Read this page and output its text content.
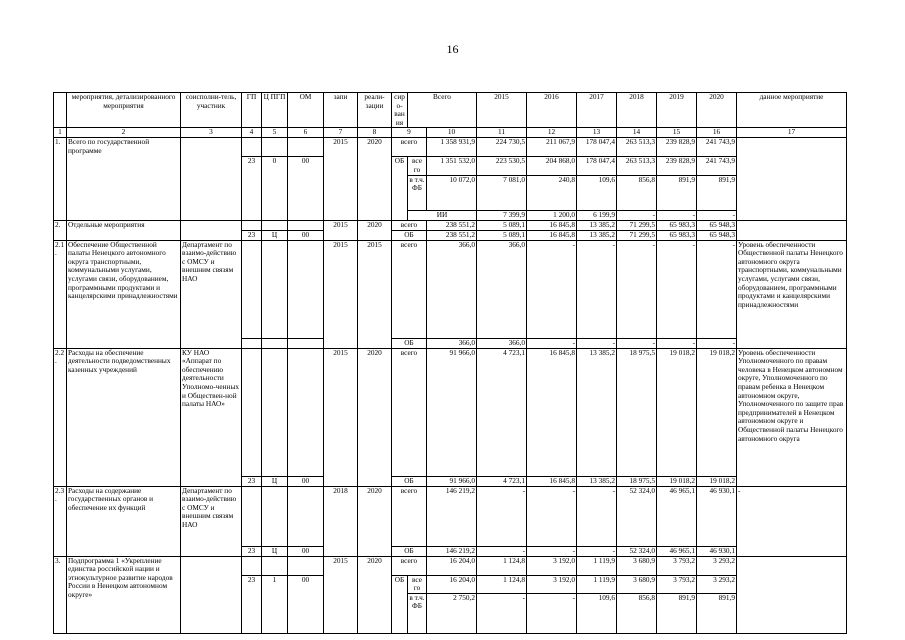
16
	мероприятия, детализированного мероприятия	соисполни-тель, участник	ГП	Ц ПГП	ОМ	запи	реали-зации	сиро-вания	Всего		2015	2016	2017	2018	2019	2020	данное мероприятие	
1	2	3	4	5	6	7	8	9		10	11	12	13	14	15	16	17	
1.	Всего по государственной программе					2015	2020	всего		1 358 931,9	224 730,5	211 067,9	178 047,4	263 513,3	239 828,9	241 743,9		
			23	0	00			ОБ	все го	1 351 532,0	223 530,5	204 868,0	178 047,4	263 513,3	239 828,9	241 743,9		
									в т.ч. ФБ	10 072,0	7 081,0	240,8	109,6	856,8	891,9	891,9		
									ИИ		7 399,9	1 200,0	6 199,9	-	-	-	
2.	Отдельные мероприятия					2015	2020	всего		238 551,2	5 089,1	16 845,8	13 385,2	71 299,5	65 983,3	65 948,3		
			23	Ц	00			ОБ		238 551,2	5 089,1	16 845,8	13 385,2	71 299,5	65 983,3	65 948,3		
2.1.	Обеспечение Общественной палаты Ненецкого автономного округа транспортными, коммунальными услугами, услугами связи, оборудованием, программными продуктами и канцелярскими принадлежностями	Департамент по взаимо-действию с ОМСУ и внешним связям НАО				2015	2015	всего		366,0	366,0	-	-	-	-	-	Уровень обеспеченности Общественной палаты Ненецкого автономного округа транспортными, коммунальными услугами, услугами связи, оборудованием, программными продуктами и канцелярскими принадлежностями	
								ОБ		366,0	366,0	-	-	-	-	-		
2.2.	Расходы на обеспечение деятельности подведомственных казенных учреждений	КУ НАО «Аппарат по обеспечению деятельности Уполномо-ченных и Обществен-ной палаты НАО»				2015	2020	всего		91 966,0	4 723,1	16 845,8	13 385,2	18 975,5	19 018,2	19 018,2	Уровень обеспеченности Уполномоченного по правам человека в Ненецком автономном округе, Уполномоченного по правам ребенка в Ненецком автономном округе, Уполномоченного по защите прав предпринимателей в Ненецком автономном округе и Общественной палаты Ненецкого автономного округа	
			23	Ц	00			ОБ		91 966,0	4 723,1	16 845,8	13 385,2	18 975,5	19 018,2	19 018,2		
2.3.	Расходы на содержание государственных органов и обеспечение их функций	Департамент по взаимо-действию с ОМСУ и внешним связям НАО				2018	2020	всего		146 219,2	-	-	-	52 324,0	46 965,1	46 930,1	-	
			23	Ц	00			ОБ		146 219,2	-	-	-	52 324,0	46 965,1	46 930,1		
3.	Подпрограмма 1 «Укрепление единства российской нации и этнокультурное развитие народов России в Ненецком автономном округе»					2015	2020	всего		16 204,0	1 124,8	3 192,0	1 119,9	3 680,9	3 793,2	3 293,2		
			23	1	00			ОБ	все го	16 204,0	1 124,8	3 192,0	1 119,9	3 680,9	3 793,2	3 293,2		
									в т.ч. ФБ	2 750,2	-	-	109,6	856,8	891,9	891,9		
